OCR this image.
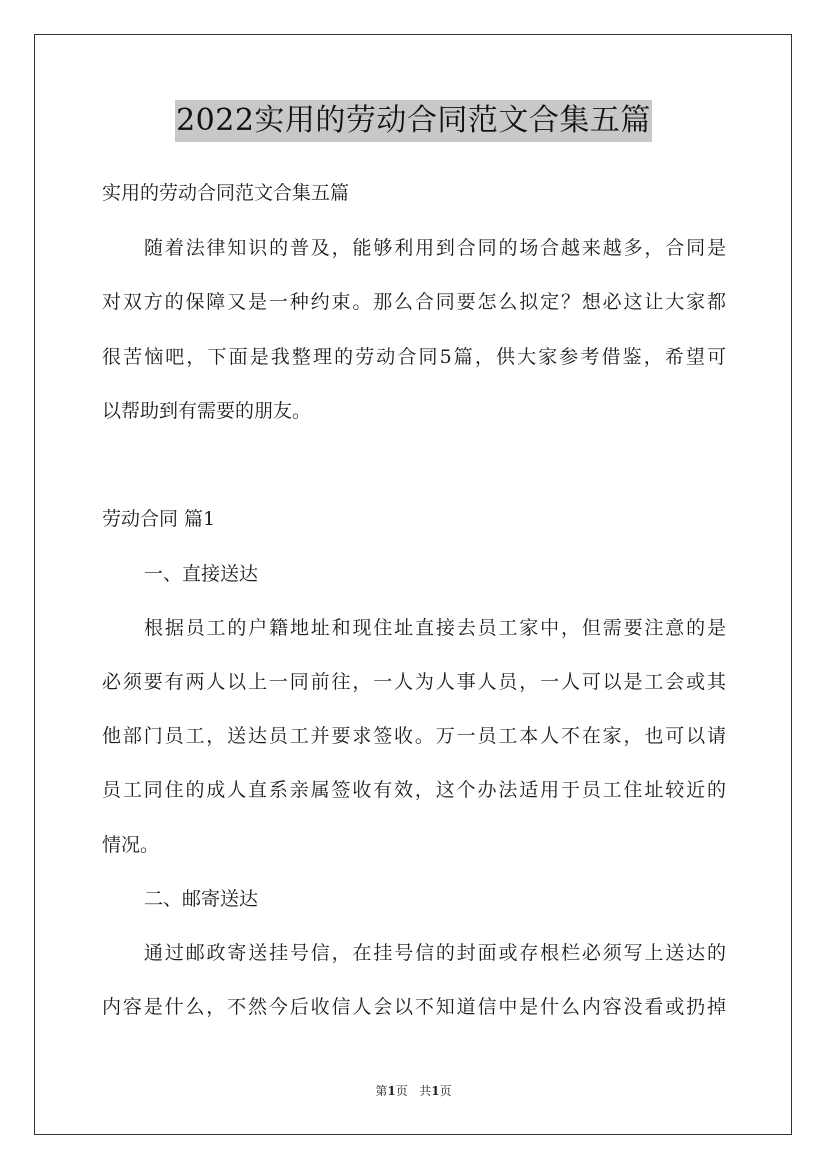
2022实用的劳动合同范文合集五篇
实用的劳动合同范文合集五篇
随着法律知识的普及，能够利用到合同的场合越来越多，合同是
对双方的保障又是一种约束。那么合同要怎么拟定？想必这让大家都
很苦恼吧，下面是我整理的劳动合同5篇，供大家参考借鉴，希望可
以帮助到有需要的朋友。
劳动合同 篇1
一、直接送达
根据员工的户籍地址和现住址直接去员工家中，但需要注意的是
必须要有两人以上一同前往，一人为人事人员，一人可以是工会或其
他部门员工，送达员工并要求签收。万一员工本人不在家，也可以请
员工同住的成人直系亲属签收有效，这个办法适用于员工住址较近的
情况。
二、邮寄送达
通过邮政寄送挂号信，在挂号信的封面或存根栏必须写上送达的
内容是什么，不然今后收信人会以不知道信中是什么内容没看或扔掉
第1页 共1页
